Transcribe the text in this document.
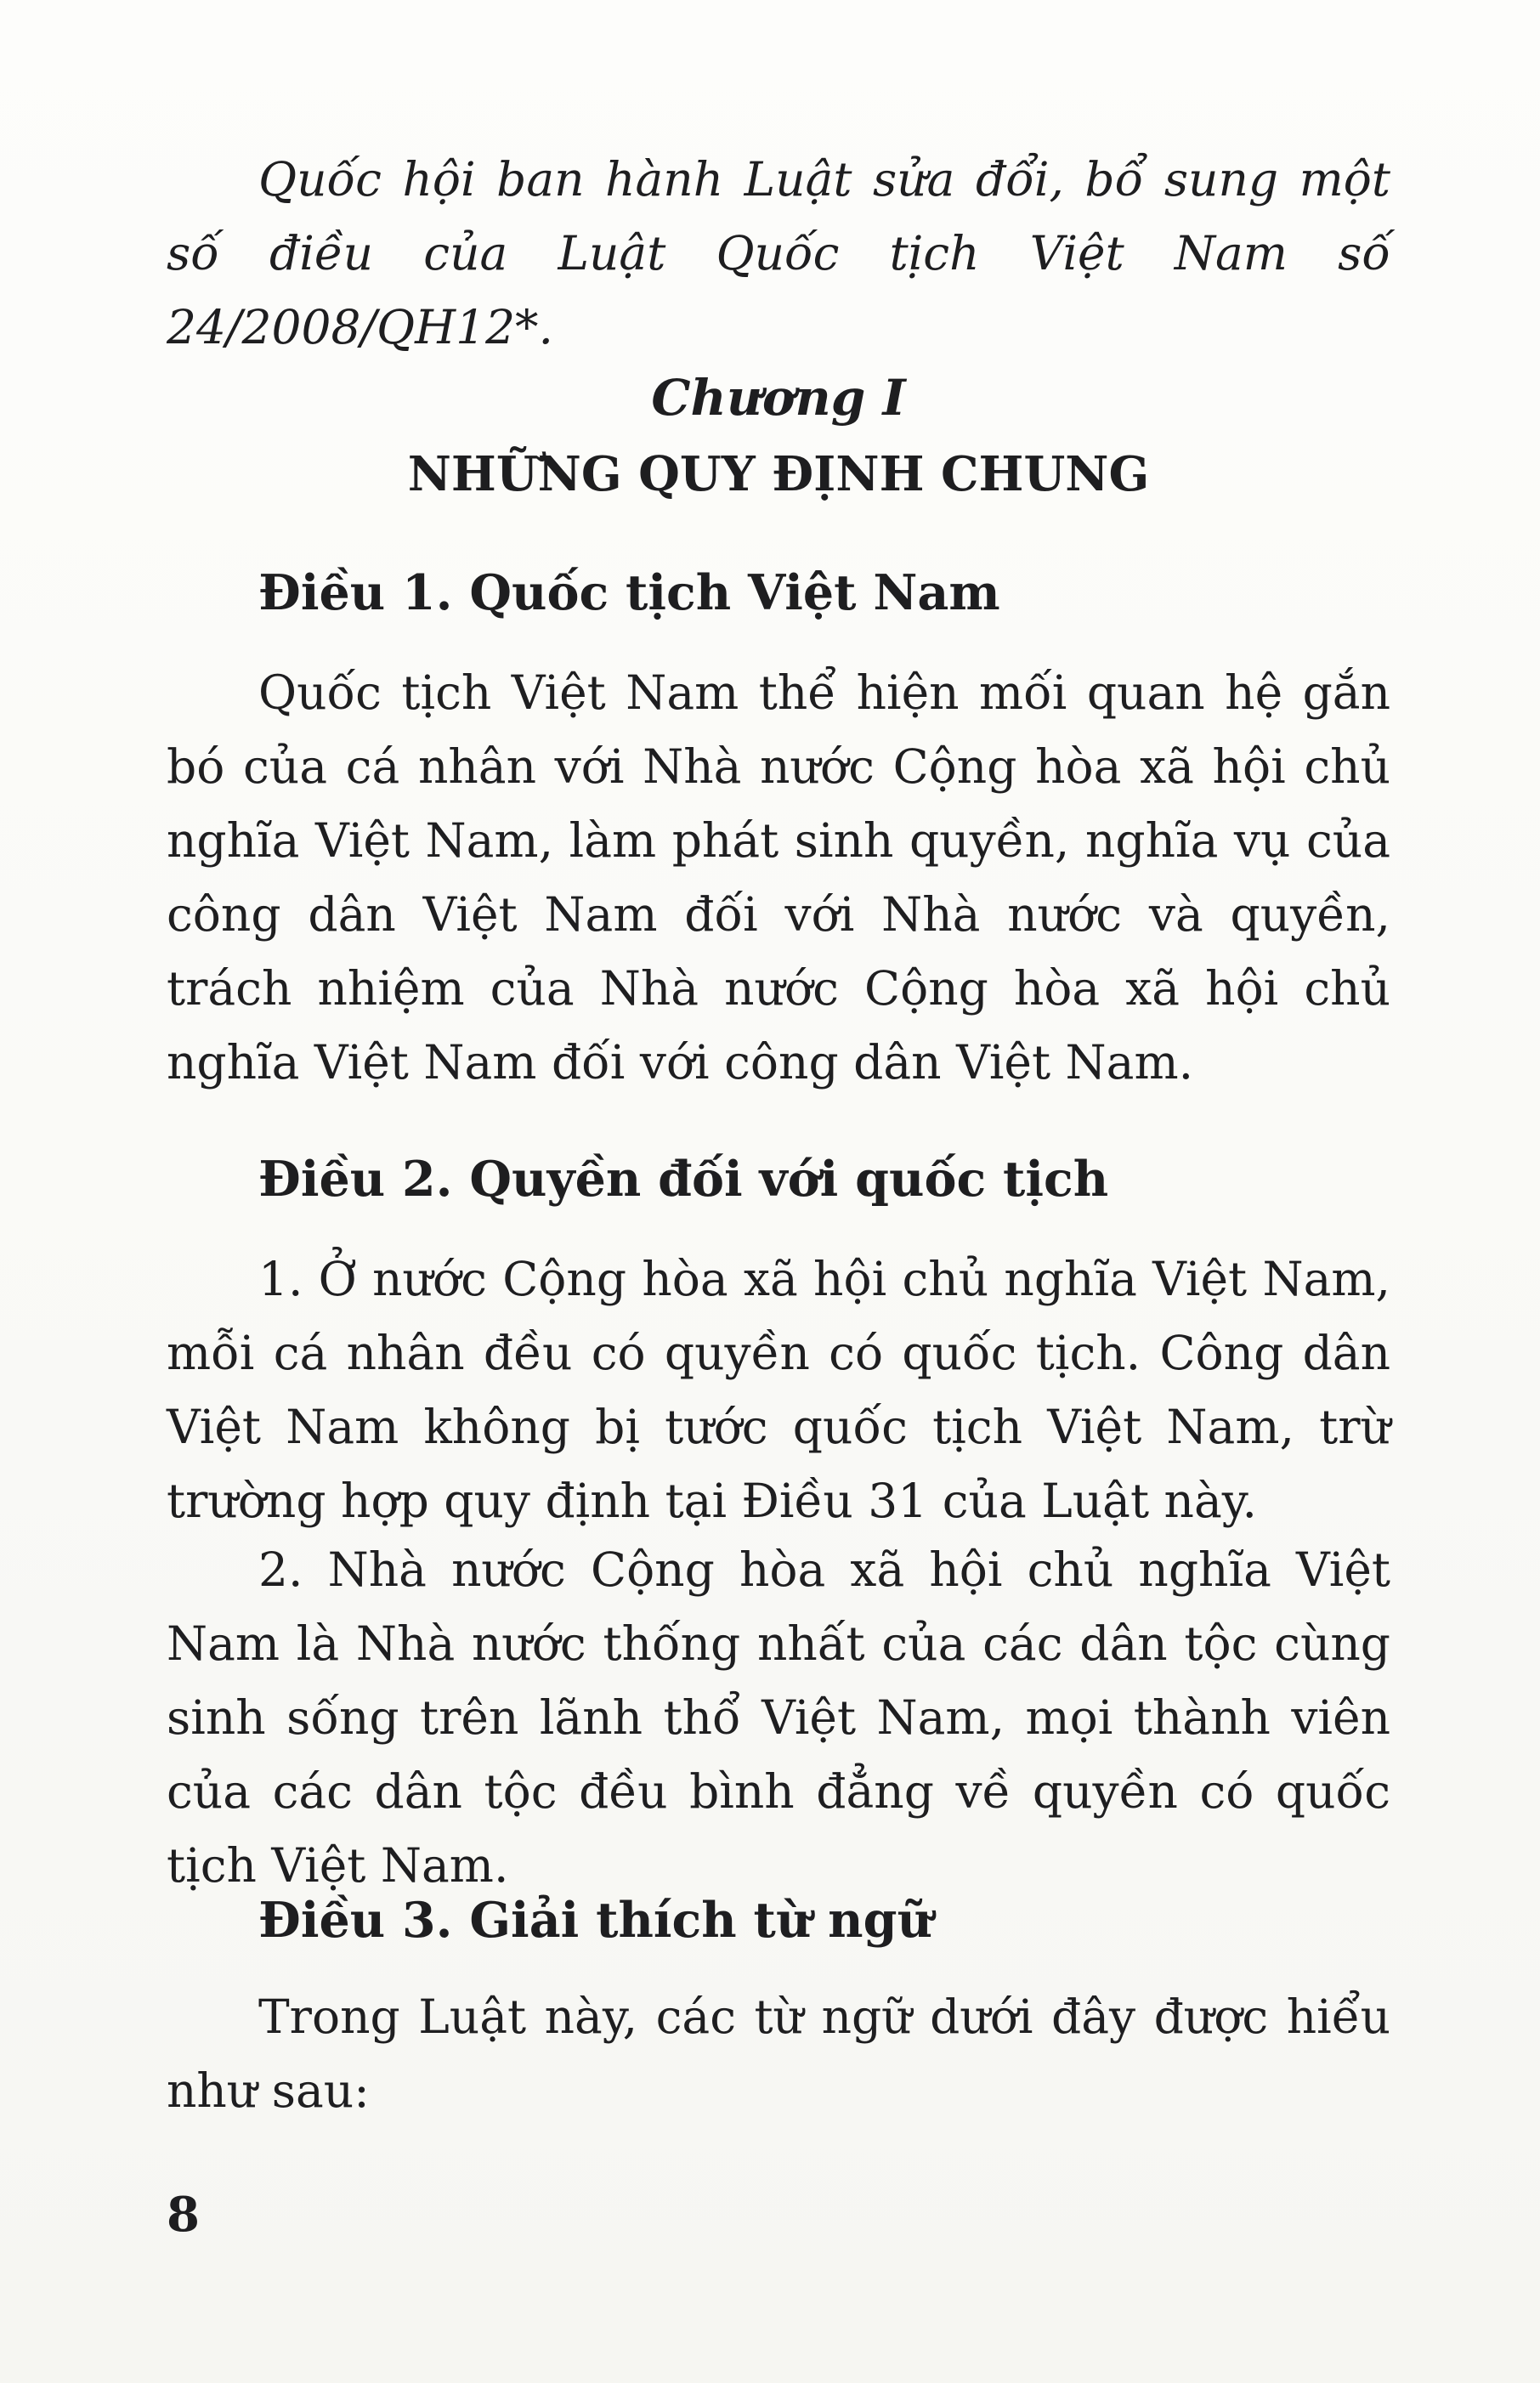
Quốc hội ban hành Luật sửa đổi, bổ sung một số điều của Luật Quốc tịch Việt Nam số 24/2008/QH12*.

Chương I

NHỮNG QUY ĐỊNH CHUNG

Điều 1. Quốc tịch Việt Nam

Quốc tịch Việt Nam thể hiện mối quan hệ gắn bó của cá nhân với Nhà nước Cộng hòa xã hội chủ nghĩa Việt Nam, làm phát sinh quyền, nghĩa vụ của công dân Việt Nam đối với Nhà nước và quyền, trách nhiệm của Nhà nước Cộng hòa xã hội chủ nghĩa Việt Nam đối với công dân Việt Nam.

Điều 2. Quyền đối với quốc tịch

1. Ở nước Cộng hòa xã hội chủ nghĩa Việt Nam, mỗi cá nhân đều có quyền có quốc tịch. Công dân Việt Nam không bị tước quốc tịch Việt Nam, trừ trường hợp quy định tại Điều 31 của Luật này.

2. Nhà nước Cộng hòa xã hội chủ nghĩa Việt Nam là Nhà nước thống nhất của các dân tộc cùng sinh sống trên lãnh thổ Việt Nam, mọi thành viên của các dân tộc đều bình đẳng về quyền có quốc tịch Việt Nam.

Điều 3. Giải thích từ ngữ

Trong Luật này, các từ ngữ dưới đây được hiểu như sau:

8
